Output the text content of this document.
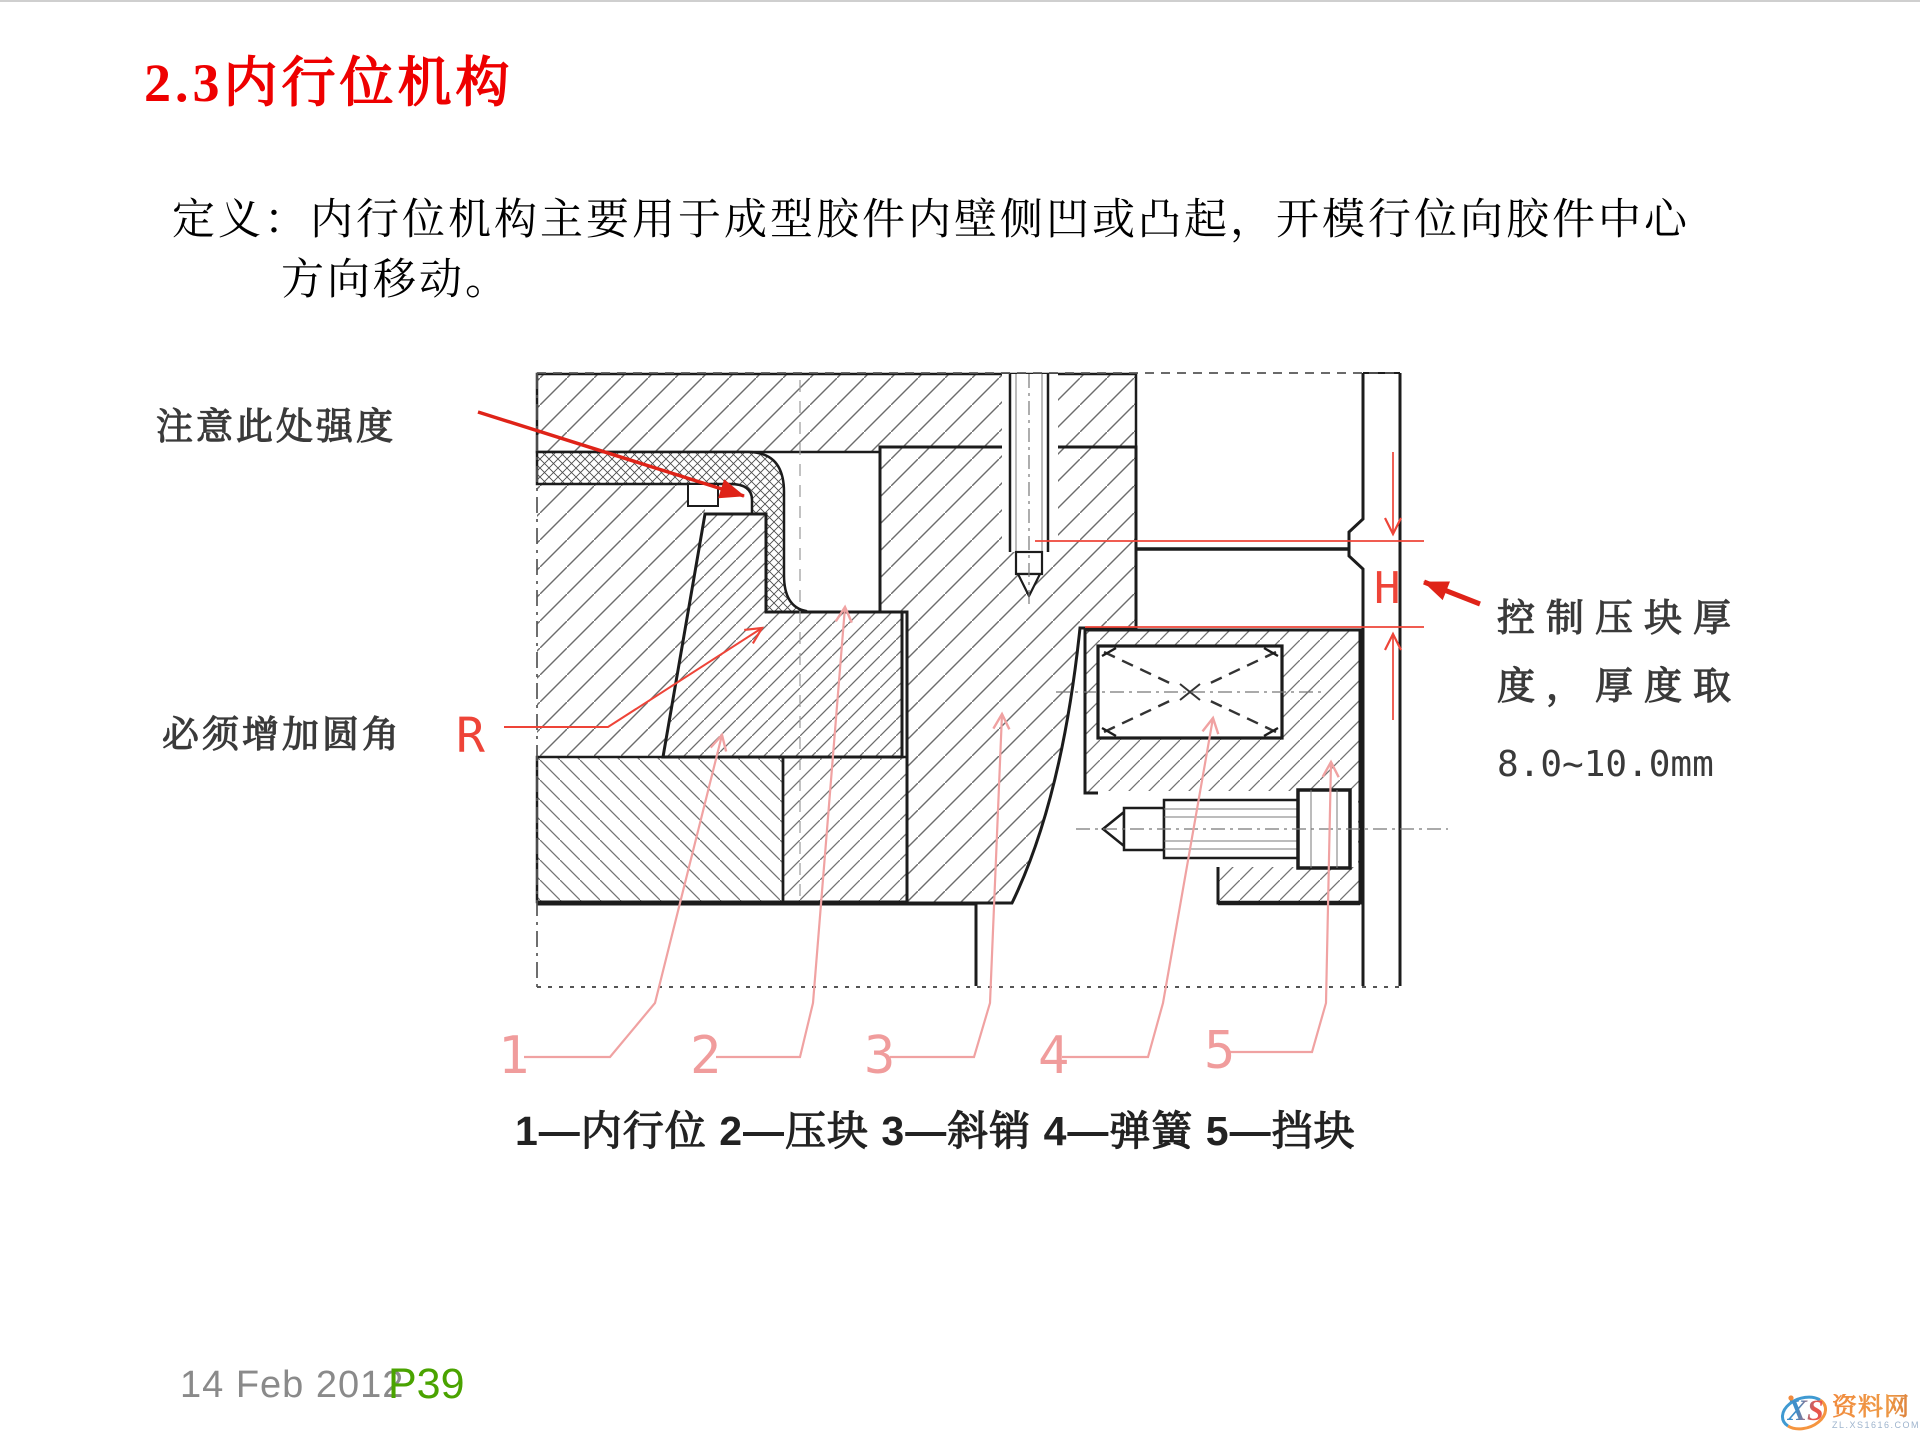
R
H
1	2	3	4	5
2.3内行位机构
定义：内行位机构主要用于成型胶件内壁侧凹或凸起，开模行位向胶件中心
方向移动。
注意此处强度
必须增加圆角
控制压块厚
度，厚度取
8.0~10.0mm
1—内行位 2—压块 3—斜销 4—弹簧 5—挡块
14 Feb 2012
P39
XS 资料网
ZL.XS1616.COM
